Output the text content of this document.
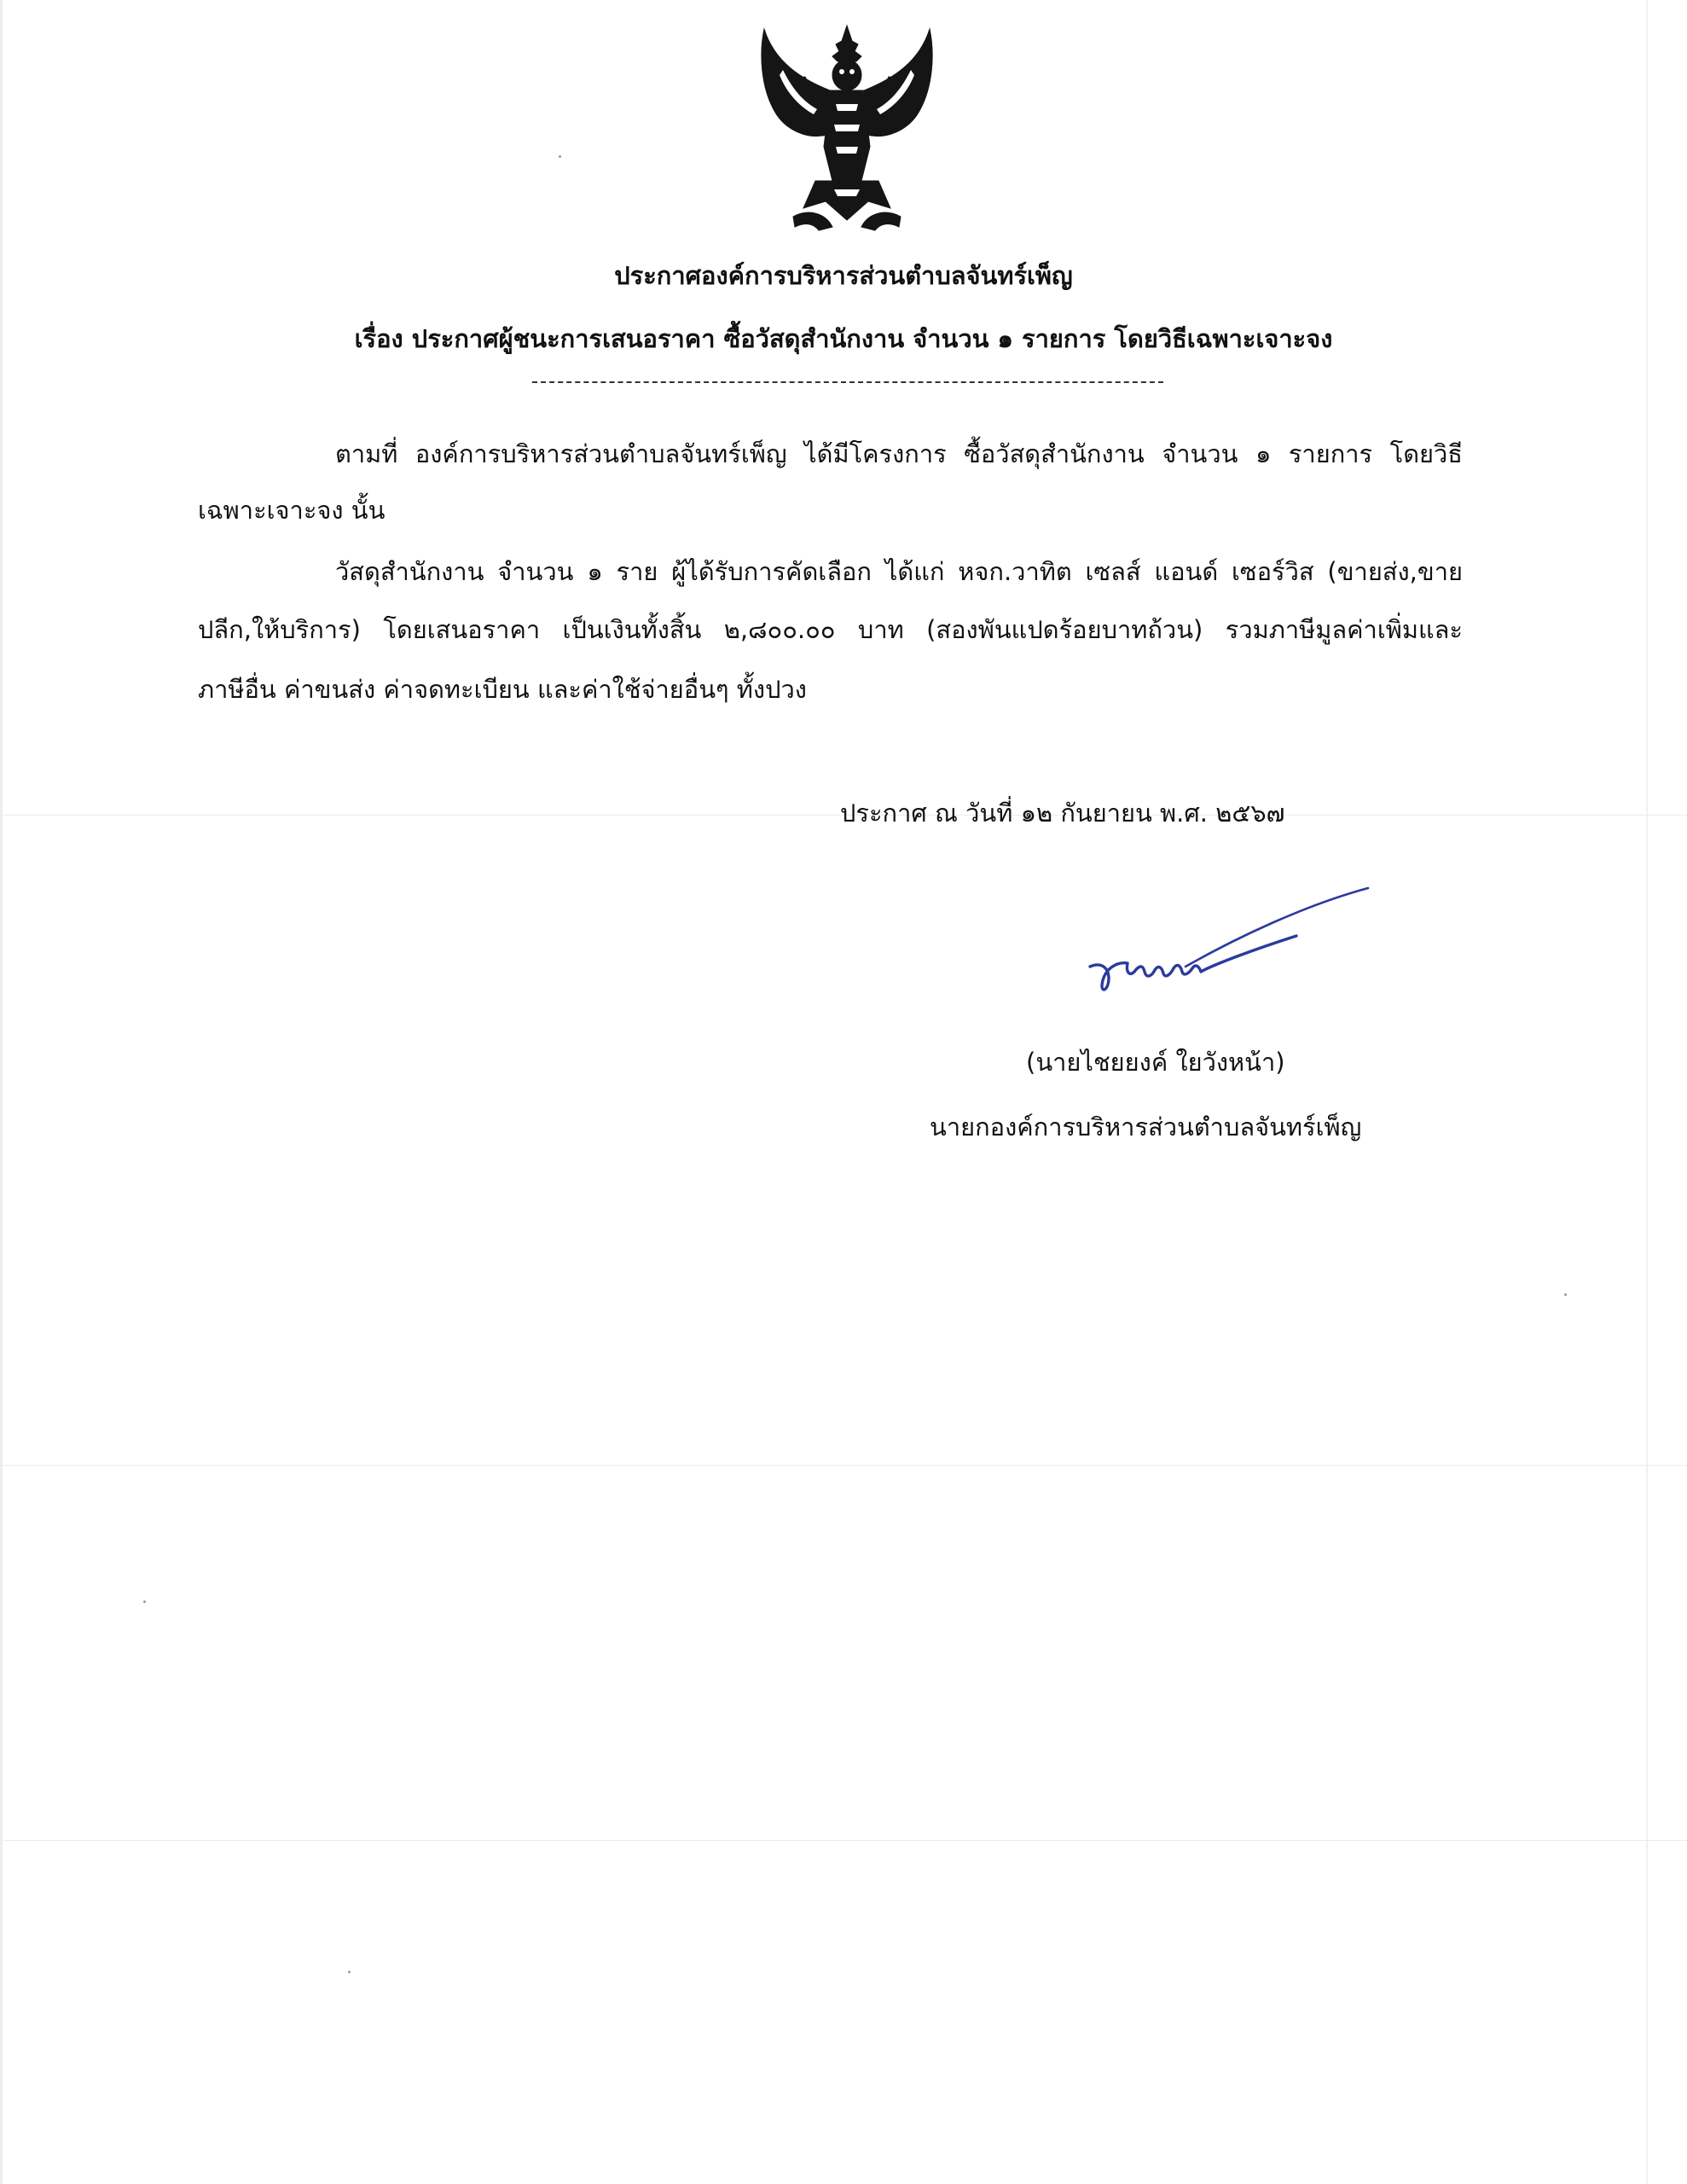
ประกาศองค์การบริหารส่วนตำบลจันทร์เพ็ญ
เรื่อง ประกาศผู้ชนะการเสนอราคา ซื้อวัสดุสำนักงาน จำนวน ๑ รายการ โดยวิธีเฉพาะเจาะจง
ตามที่ องค์การบริหารส่วนตำบลจันทร์เพ็ญ ได้มีโครงการ ซื้อวัสดุสำนักงาน จำนวน ๑ รายการ โดยวิธี
เฉพาะเจาะจง นั้น
วัสดุสำนักงาน จำนวน ๑ ราย ผู้ได้รับการคัดเลือก ได้แก่ หจก.วาทิต เซลส์ แอนด์ เซอร์วิส (ขายส่ง,ขาย
ปลีก,ให้บริการ) โดยเสนอราคา เป็นเงินทั้งสิ้น ๒,๘๐๐.๐๐ บาท (สองพันแปดร้อยบาทถ้วน) รวมภาษีมูลค่าเพิ่มและ
ภาษีอื่น ค่าขนส่ง ค่าจดทะเบียน และค่าใช้จ่ายอื่นๆ ทั้งปวง
ประกาศ ณ วันที่ ๑๒ กันยายน พ.ศ. ๒๕๖๗
(นายไชยยงค์ ใยวังหน้า)
นายกองค์การบริหารส่วนตำบลจันทร์เพ็ญ
